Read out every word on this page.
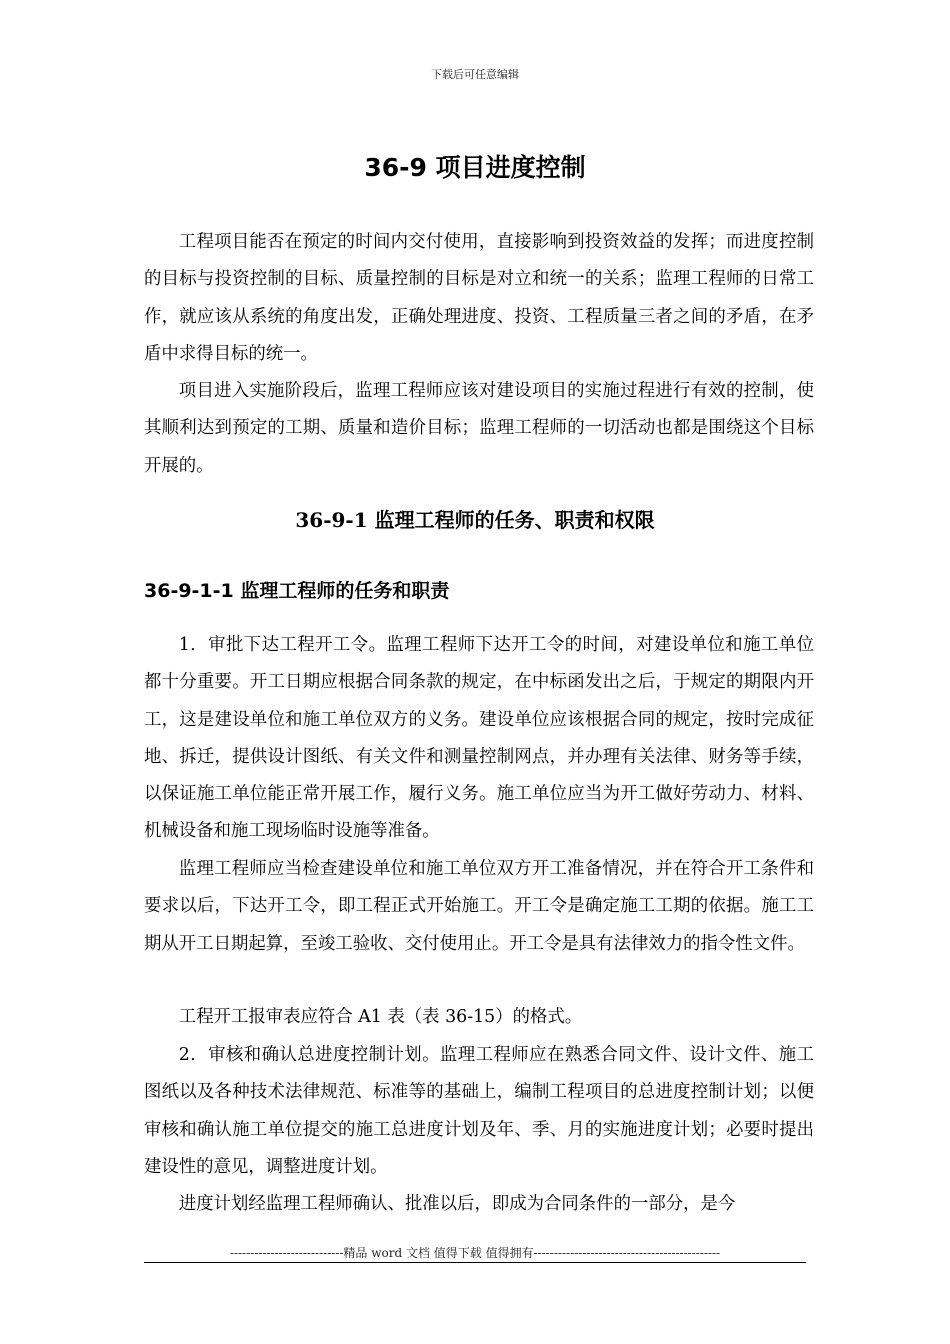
下载后可任意编辑
36-9 项目进度控制

工程项目能否在预定的时间内交付使用，直接影响到投资效益的发挥；而进度控制的目标与投资控制的目标、质量控制的目标是对立和统一的关系；监理工程师的日常工作，就应该从系统的角度出发，正确处理进度、投资、工程质量三者之间的矛盾，在矛盾中求得目标的统一。

项目进入实施阶段后，监理工程师应该对建设项目的实施过程进行有效的控制，使其顺利达到预定的工期、质量和造价目标；监理工程师的一切活动也都是围绕这个目标开展的。

36-9-1 监理工程师的任务、职责和权限
36-9-1-1 监理工程师的任务和职责

1．审批下达工程开工令。监理工程师下达开工令的时间，对建设单位和施工单位都十分重要。开工日期应根据合同条款的规定，在中标函发出之后，于规定的期限内开工，这是建设单位和施工单位双方的义务。建设单位应该根据合同的规定，按时完成征地、拆迁，提供设计图纸、有关文件和测量控制网点，并办理有关法律、财务等手续，以保证施工单位能正常开展工作，履行义务。施工单位应当为开工做好劳动力、材料、机械设备和施工现场临时设施等准备。

监理工程师应当检查建设单位和施工单位双方开工准备情况，并在符合开工条件和要求以后，下达开工令，即工程正式开始施工。开工令是确定施工工期的依据。施工工期从开工日期起算，至竣工验收、交付使用止。开工令是具有法律效力的指令性文件。

工程开工报审表应符合 A1 表（表 36-15）的格式。

2．审核和确认总进度控制计划。监理工程师应在熟悉合同文件、设计文件、施工图纸以及各种技术法律规范、标准等的基础上，编制工程项目的总进度控制计划；以便审核和确认施工单位提交的施工总进度计划及年、季、月的实施进度计划；必要时提出建设性的意见，调整进度计划。

进度计划经监理工程师确认、批准以后，即成为合同条件的一部分，是今

----------------------------精品 word 文档 值得下载 值得拥有----------------------------------------------
